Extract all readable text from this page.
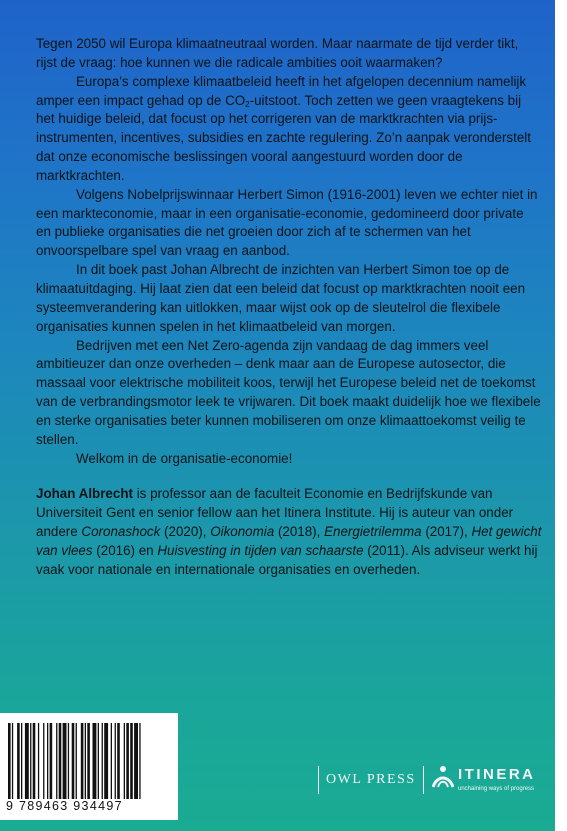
Tegen 2050 wil Europa klimaatneutraal worden. Maar naarmate de tijd verder tikt, rijst de vraag: hoe kunnen we die radicale ambities ooit waarmaken?

Europa’s complexe klimaatbeleid heeft in het afgelopen decennium namelijk amper een impact gehad op de $CO_2$-uitstoot. Toch zetten we geen vraagtekens bij het huidige beleid, dat focust op het corrigeren van de marktkrachten via prijs-instrumenten, incentives, subsidies en zachte regulering. Zo’n aanpak veronderstelt dat onze economische beslissingen vooral aangestuurd worden door de marktkrachten.

Volgens Nobelprijswinnaar Herbert Simon (1916-2001) leven we echter niet in een markteconomie, maar in een organisatie-economie, gedomineerd door private en publieke organisaties die net groeien door zich af te schermen van het onvoorspelbare spel van vraag en aanbod.

In dit boek past Johan Albrecht de inzichten van Herbert Simon toe op de klimaatuitdaging. Hij laat zien dat een beleid dat focust op marktkrachten nooit een systeemverandering kan uitlokken, maar wijst ook op de sleutelrol die flexibele organisaties kunnen spelen in het klimaatbeleid van morgen.

Bedrijven met een Net Zero-agenda zijn vandaag de dag immers veel ambitieuzer dan onze overheden – denk maar aan de Europese autosector, die massaal voor elektrische mobiliteit koos, terwijl het Europese beleid net de toekomst van de verbrandingsmotor leek te vrijwaren. Dit boek maakt duidelijk hoe we flexibele en sterke organisaties beter kunnen mobiliseren om onze klimaattoekomst veilig te stellen.

Welkom in de organisatie-economie!

Johan Albrecht is professor aan de faculteit Economie en Bedrijfskunde van Universiteit Gent en senior fellow aan het Itinera Institute. Hij is auteur van onder andere Coronashock (2020), Oikonomia (2018), Energietrilemma (2017), Het gewicht van vlees (2016) en Huisvesting in tijden van schaarste (2011). Als adviseur werkt hij vaak voor nationale en internationale organisaties en overheden.

9 789463 934497
OWL PRESS	ITINERA
unchaining ways of progress
